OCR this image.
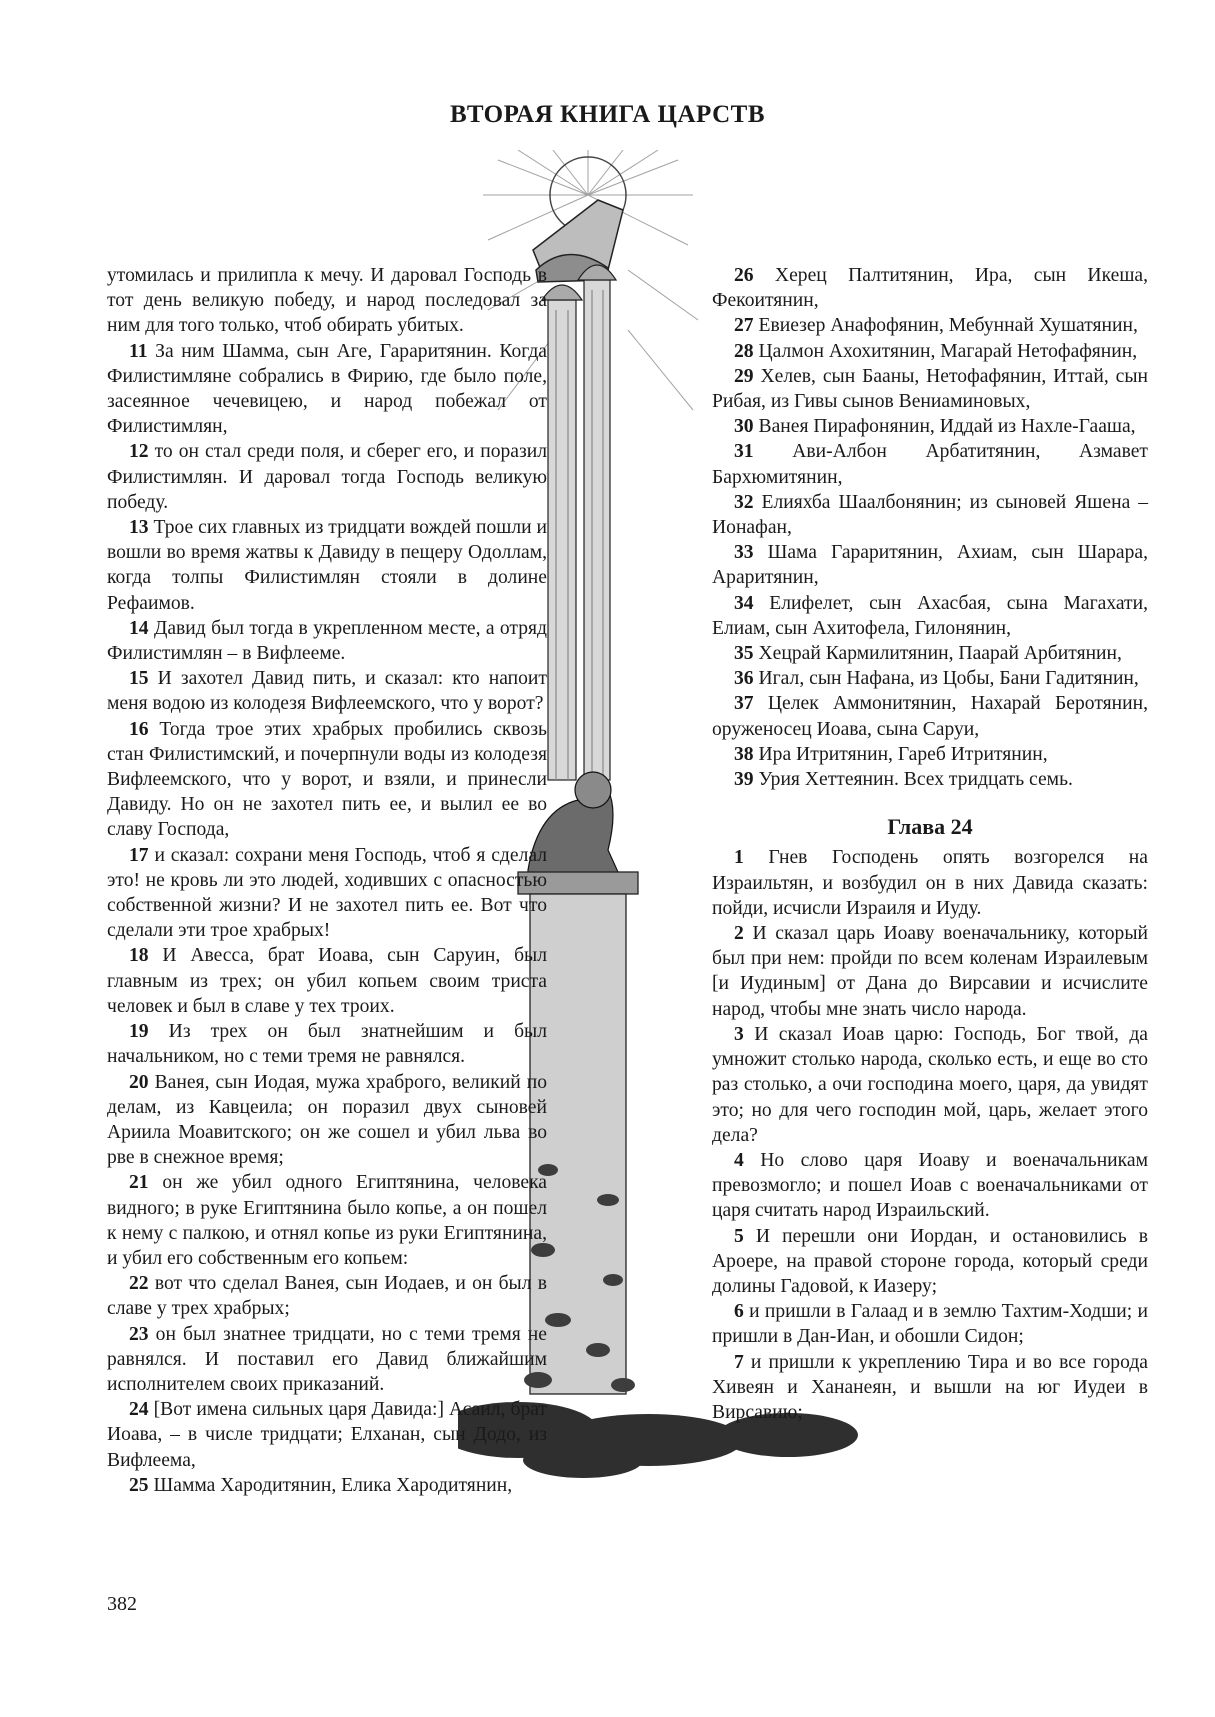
ВТОРАЯ КНИГА ЦАРСТВ

утомилась и прилипла к мечу. И даровал Господь в тот день великую победу, и народ последовал за ним для того только, чтоб обирать убитых.

11 За ним Шамма, сын Аге, Гараритянин. Когда Филистимляне собрались в Фирию, где было поле, засеянное чечевицею, и народ побежал от Филистимлян,

12 то он стал среди поля, и сберег его, и поразил Филистимлян. И даровал тогда Господь великую победу.

13 Трое сих главных из тридцати вождей пошли и вошли во время жатвы к Давиду в пещеру Одоллам, когда толпы Филистимлян стояли в долине Рефаимов.

14 Давид был тогда в укрепленном месте, а отряд Филистимлян – в Вифлееме.

15 И захотел Давид пить, и сказал: кто напоит меня водою из колодезя Вифлеемского, что у ворот?

16 Тогда трое этих храбрых пробились сквозь стан Филистимский, и почерпнули воды из колодезя Вифлеемского, что у ворот, и взяли, и принесли Давиду. Но он не захотел пить ее, и вылил ее во славу Господа,

17 и сказал: сохрани меня Господь, чтоб я сделал это! не кровь ли это людей, ходивших с опасностью собственной жизни? И не захотел пить ее. Вот что сделали эти трое храбрых!

18 И Авесса, брат Иоава, сын Саруин, был главным из трех; он убил копьем своим триста человек и был в славе у тех троих.

19 Из трех он был знатнейшим и был начальником, но с теми тремя не равнялся.

20 Ванея, сын Иодая, мужа храброго, великий по делам, из Кавцеила; он поразил двух сыновей Ариила Моавитского; он же сошел и убил льва во рве в снежное время;

21 он же убил одного Египтянина, человека видного; в руке Египтянина было копье, а он пошел к нему с палкою, и отнял копье из руки Египтянина, и убил его собственным его копьем:

22 вот что сделал Ванея, сын Иодаев, и он был в славе у трех храбрых;

23 он был знатнее тридцати, но с теми тремя не равнялся. И поставил его Давид ближайшим исполнителем своих приказаний.

24 [Вот имена сильных царя Давида:] Асаил, брат Иоава, – в числе тридцати; Елханан, сын Додо, из Вифлеема,

25 Шамма Хародитянин, Елика Хародитянин,

26 Херец Палтитянин, Ира, сын Икеша, Фекоитянин,

27 Евиезер Анафофянин, Мебуннай Хушатянин,

28 Цалмон Ахохитянин, Магарай Нетофафянин,

29 Хелев, сын Бааны, Нетофафянин, Иттай, сын Рибая, из Гивы сынов Вениаминовых,

30 Ванея Пирафонянин, Иддай из Нахле-Гааша,

31 Ави-Албон Арбатитянин, Азмавет Бархюмитянин,

32 Елияхба Шаалбонянин; из сыновей Яшена – Ионафан,

33 Шама Гараритянин, Ахиам, сын Шарара, Араритянин,

34 Елифелет, сын Ахасбая, сына Магахати, Елиам, сын Ахитофела, Гилонянин,

35 Хецрай Кармилитянин, Паарай Арбитянин,

36 Игал, сын Нафана, из Цобы, Бани Гадитянин,

37 Целек Аммонитянин, Нахарай Беротянин, оруженосец Иоава, сына Саруи,

38 Ира Итритянин, Гареб Итритянин,

39 Урия Хеттеянин. Всех тридцать семь.

Глава 24

1 Гнев Господень опять возгорелся на Израильтян, и возбудил он в них Давида сказать: пойди, исчисли Израиля и Иуду.

2 И сказал царь Иоаву военачальнику, который был при нем: пройди по всем коленам Израилевым [и Иудиным] от Дана до Вирсавии и исчислите народ, чтобы мне знать число народа.

3 И сказал Иоав царю: Господь, Бог твой, да умножит столько народа, сколько есть, и еще во сто раз столько, а очи господина моего, царя, да увидят это; но для чего господин мой, царь, желает этого дела?

4 Но слово царя Иоаву и военачальникам превозмогло; и пошел Иоав с военачальниками от царя считать народ Израильский.

5 И перешли они Иордан, и остановились в Ароере, на правой стороне города, который среди долины Гадовой, к Иазеру;

6 и пришли в Галаад и в землю Тахтим-Ходши; и пришли в Дан-Иан, и обошли Сидон;

7 и пришли к укреплению Тира и во все города Хивеян и Хананеян, и вышли на юг Иудеи в Вирсавию;

382
